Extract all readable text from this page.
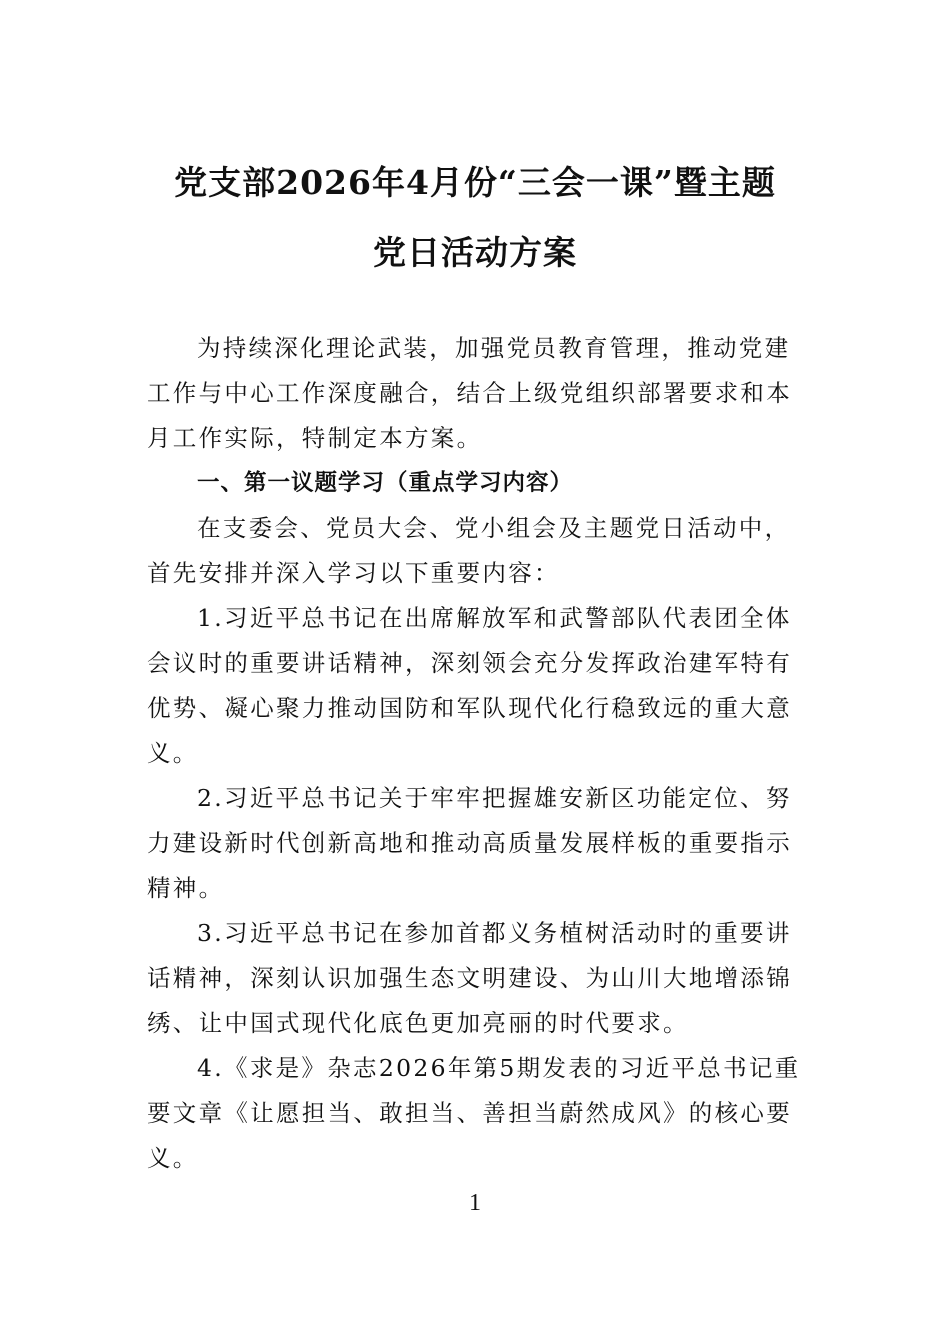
党支部2026年4月份“三会一课”暨主题
党日活动方案
为持续深化理论武装，加强党员教育管理，推动党建
工作与中心工作深度融合，结合上级党组织部署要求和本
月工作实际，特制定本方案。
一、第一议题学习（重点学习内容）
在支委会、党员大会、党小组会及主题党日活动中，
首先安排并深入学习以下重要内容：
1.习近平总书记在出席解放军和武警部队代表团全体
会议时的重要讲话精神，深刻领会充分发挥政治建军特有
优势、凝心聚力推动国防和军队现代化行稳致远的重大意
义。
2.习近平总书记关于牢牢把握雄安新区功能定位、努
力建设新时代创新高地和推动高质量发展样板的重要指示
精神。
3.习近平总书记在参加首都义务植树活动时的重要讲
话精神，深刻认识加强生态文明建设、为山川大地增添锦
绣、让中国式现代化底色更加亮丽的时代要求。
4.《求是》杂志2026年第5期发表的习近平总书记重
要文章《让愿担当、敢担当、善担当蔚然成风》的核心要
义。
1
